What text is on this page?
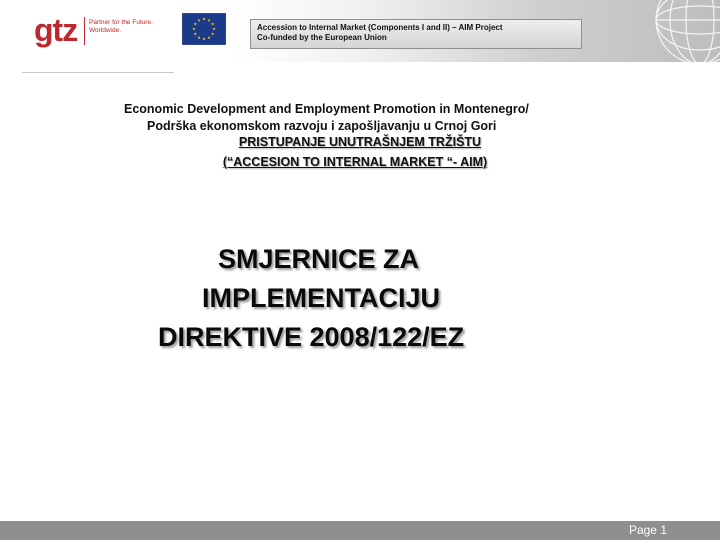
gtz Partner for the Future.
Worldwide.	Accession to Internal Market (Components I and II) – AIM Project
Co-funded by the European Union
Economic Development and Employment Promotion in Montenegro/
Podrška ekonomskom razvoju i zapošljavanju u Crnoj Gori
PRISTUPANJE UNUTRAŠNJEM TRŽIŠTU
(“ACCESION TO INTERNAL MARKET “- AIM)
SMJERNICE ZA
IMPLEMENTACIJU
DIREKTIVE 2008/122/EZ
Page 1
